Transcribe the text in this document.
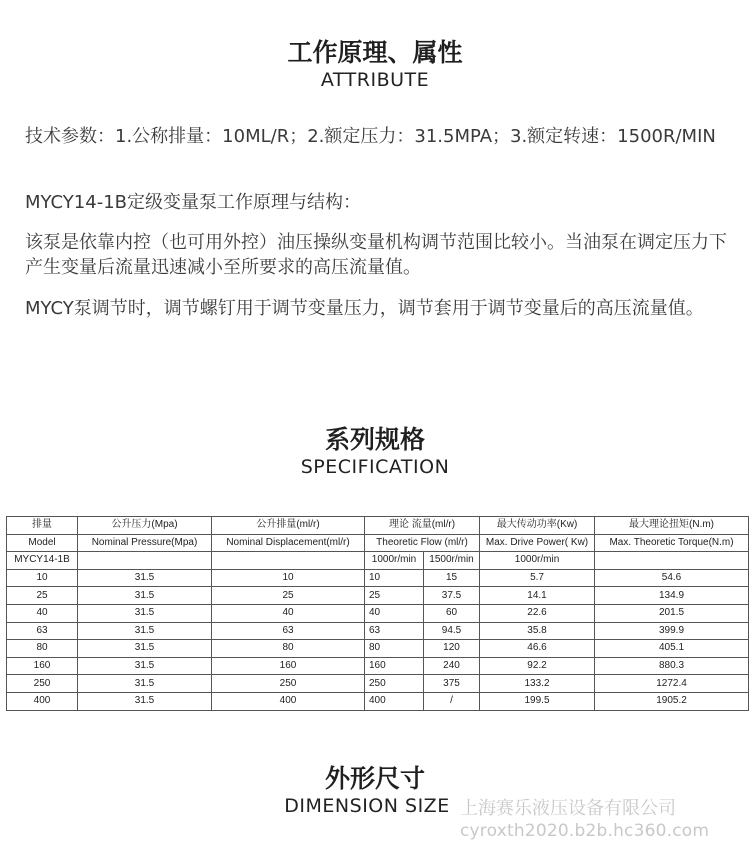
工作原理、属性
ATTRIBUTE

技术参数：1.公称排量：10ML/R；2.额定压力：31.5MPA；3.额定转速：1500R/MIN

MYCY14-1B定级变量泵工作原理与结构：

该泵是依靠内控（也可用外控）油压操纵变量机构调节范围比较小。当油泵在调定压力下产生变量后流量迅速减小至所要求的高压流量值。

MYCY泵调节时，调节螺钉用于调节变量压力，调节套用于调节变量后的高压流量值。

系列规格
SPECIFICATION
排量	公升压力(Mpa)	公升排量(ml/r)	理论 流量(ml/r)		最大传动功率(Kw)	最大理论扭矩(N.m)
Model	Nominal Pressure(Mpa)	Nominal Displacement(ml/r)	Theoretic Flow (ml/r)		Max. Drive Power( Kw)	Max. Theoretic Torque(N.m)
MYCY14-1B			1000r/min	1500r/min	1000r/min	
10	31.5	10	10	15	5.7	54.6
25	31.5	25	25	37.5	14.1	134.9
40	31.5	40	40	60	22.6	201.5
63	31.5	63	63	94.5	35.8	399.9
80	31.5	80	80	120	46.6	405.1
160	31.5	160	160	240	92.2	880.3
250	31.5	250	250	375	133.2	1272.4
400	31.5	400	400	/	199.5	1905.2
外形尺寸
DIMENSION SIZE 上海赛乐液压设备有限公司
cyroxth2020.b2b.hc360.com
